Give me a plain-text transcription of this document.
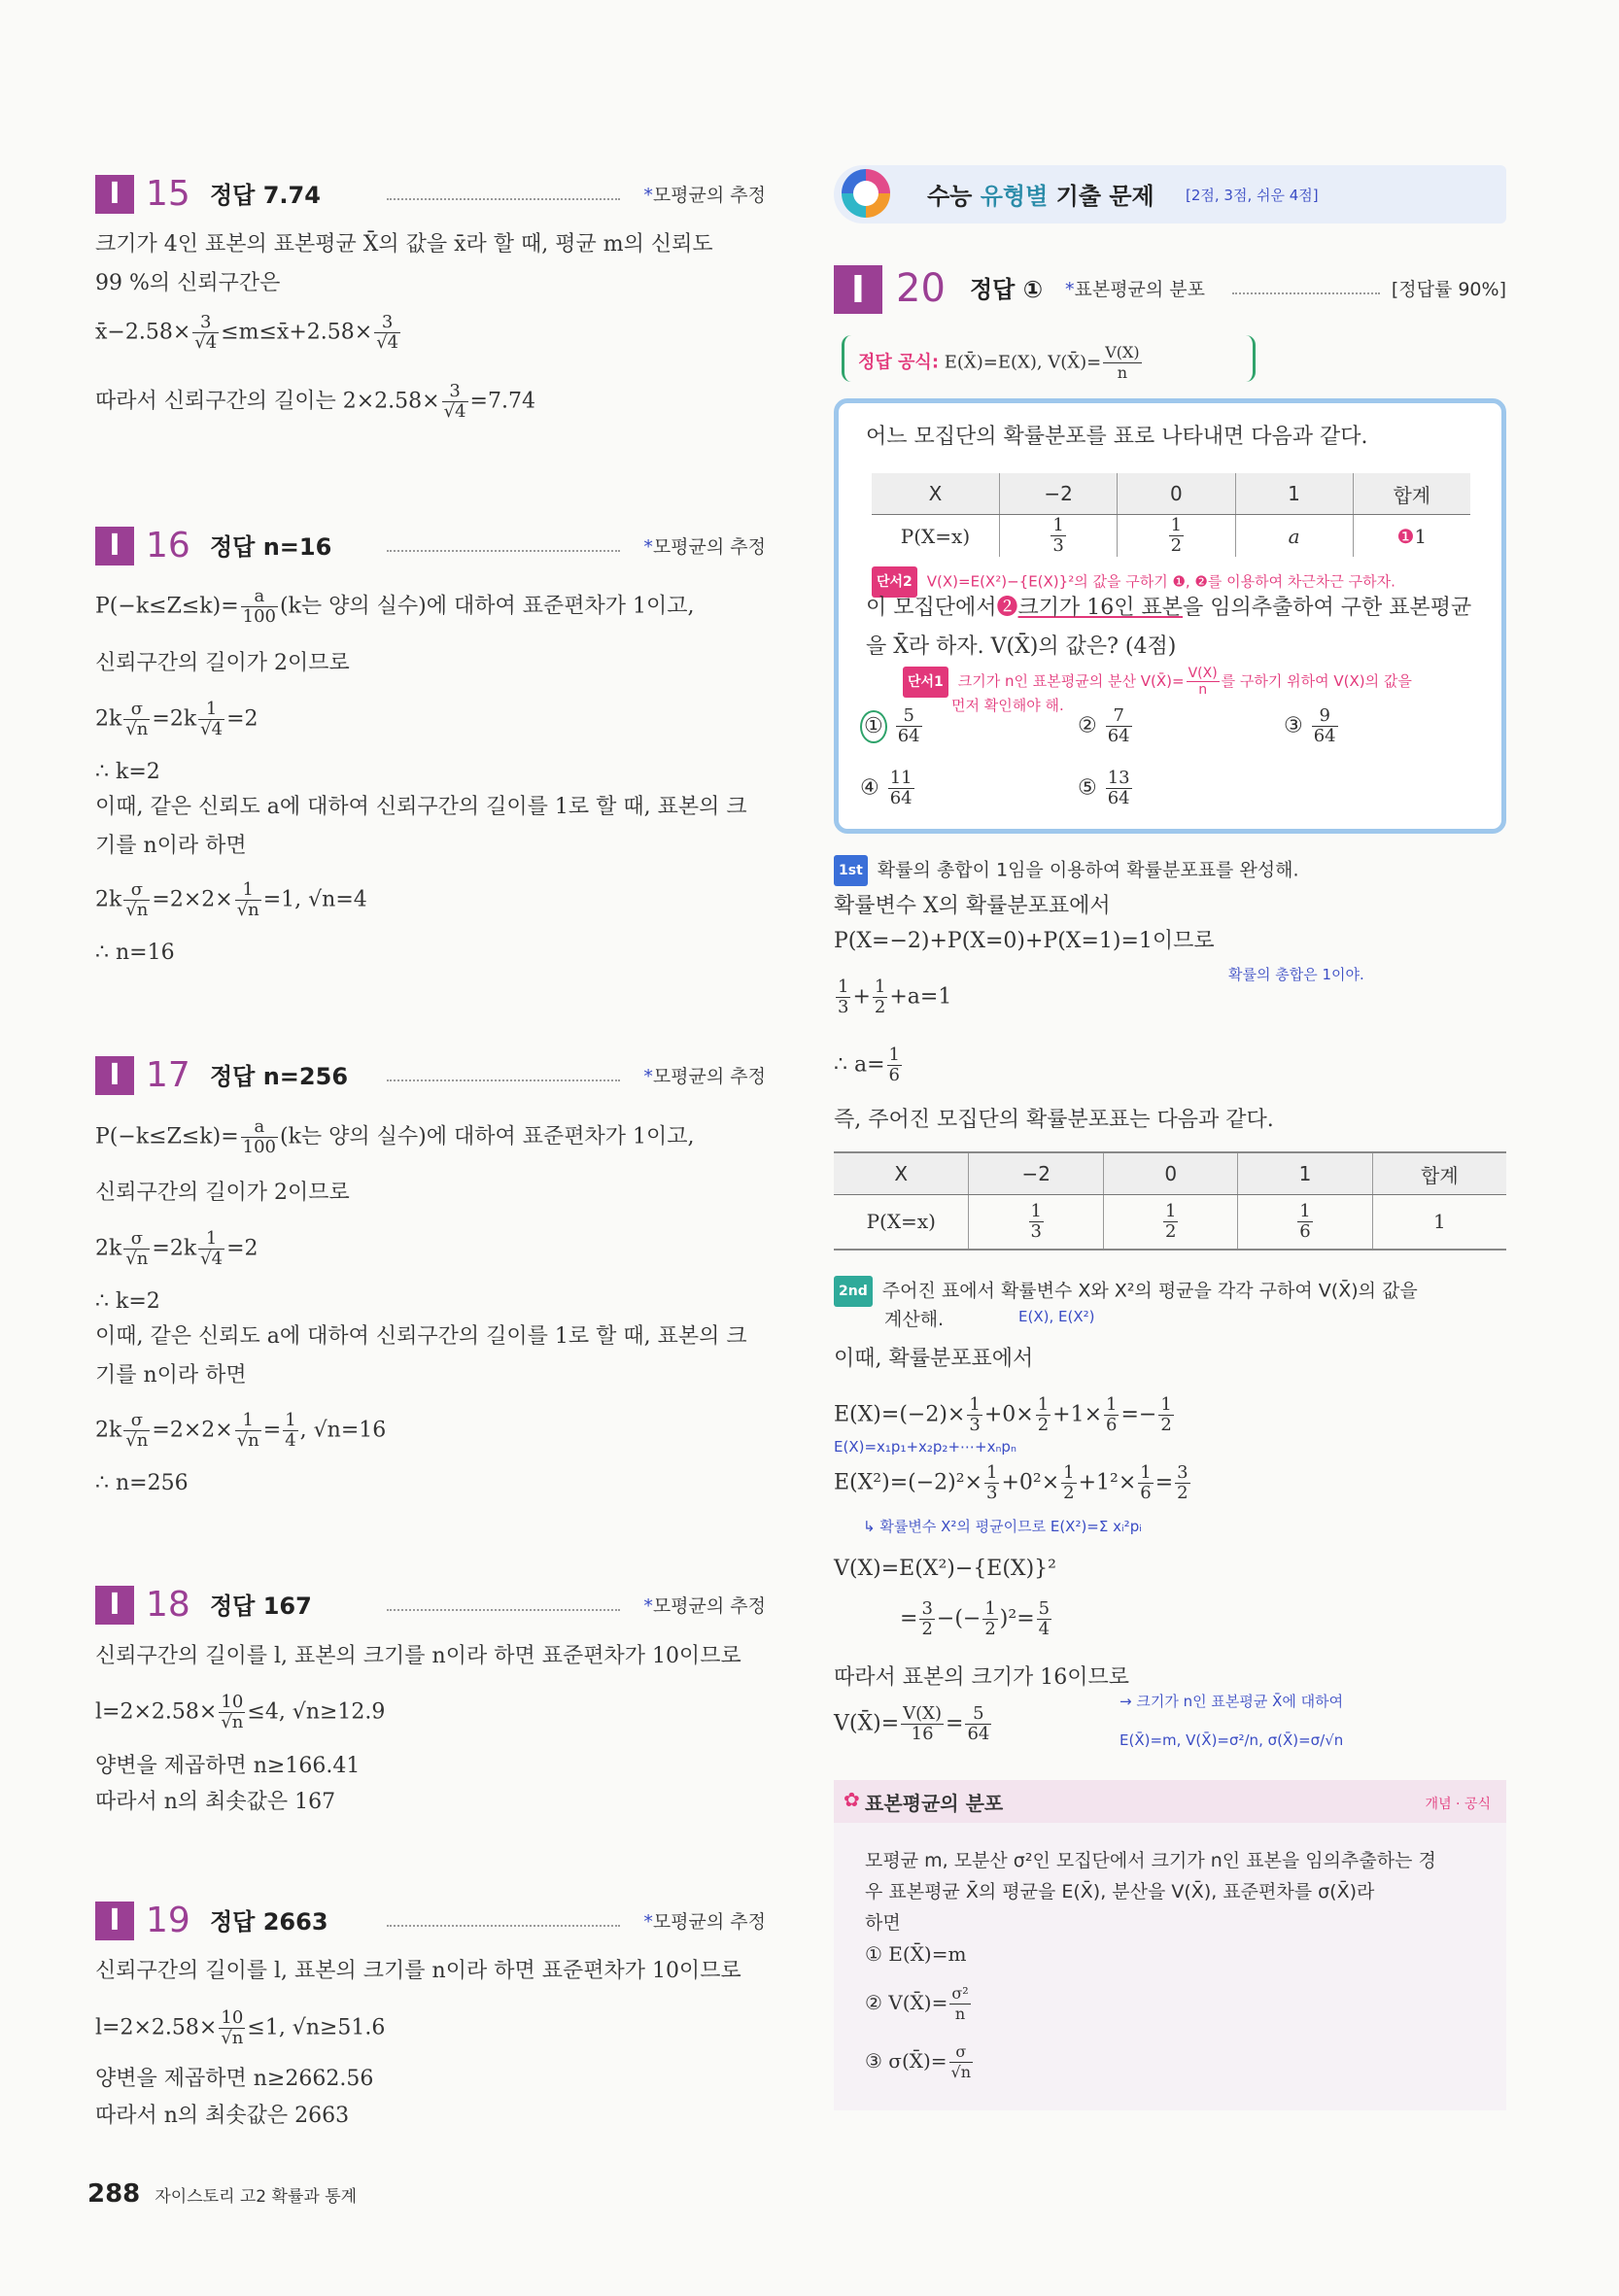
I 15 정답 7.74	*모평균의 추정
크기가 4인 표본의 표본평균 X̄의 값을 x̄라 할 때, 평균 m의 신뢰도
99 %의 신뢰구간은
x̄−2.58× $\frac{3}{√4}$ ≤m≤x̄+2.58× $\frac{3}{√4}$
따라서 신뢰구간의 길이는 $2\times 2.58\times \frac{3}{√4} =7.74$
I 16 정답 n=16	*모평균의 추정
$P(-k\le Z\le k)= \frac{a}{100} (k$는 양의 실수)에 대하여 표준편차가 1이고,
신뢰구간의 길이가 2이므로
$2k \frac{\sigma}{√n} =2k \frac{1}{√4} =2$
∴ k=2
이때, 같은 신뢰도 a에 대하여 신뢰구간의 길이를 1로 할 때, 표본의 크
기를 n이라 하면
$2k \frac{\sigma}{√n} =2\times 2\times \frac{1}{√n} =1$, √n=4
∴ n=16
I 17 정답 n=256	*모평균의 추정
$P(-k\le Z\le k)= \frac{a}{100} (k$는 양의 실수)에 대하여 표준편차가 1이고,
신뢰구간의 길이가 2이므로
$2k \frac{\sigma}{√n} =2k \frac{1}{√4} =2$
∴ k=2
이때, 같은 신뢰도 a에 대하여 신뢰구간의 길이를 1로 할 때, 표본의 크
기를 n이라 하면
$2k \frac{\sigma}{√n} =2\times 2\times \frac{1}{√n} = \frac{1}{4}$ , √n=16
∴ n=256
I 18 정답 167	*모평균의 추정
신뢰구간의 길이를 l, 표본의 크기를 n이라 하면 표준편차가 10이므로
$l=2\times 2.58\times \frac{10}{√n} \le 4$, √n≥12.9
양변을 제곱하면 n≥166.41
따라서 n의 최솟값은 167
I 19 정답 2663	*모평균의 추정
신뢰구간의 길이를 l, 표본의 크기를 n이라 하면 표준편차가 10이므로
$l=2\times 2.58\times \frac{10}{√n} \le 1$, √n≥51.6
양변을 제곱하면 n≥2662.56
따라서 n의 최솟값은 2663
수능 유형별 기출 문제 [2점, 3점, 쉬운 4점]
I 20 정답 ① *표본평균의 분포	[정답률 90%]
정답 공식: E(X̄)=E(X), V(X̄)= $\frac{V(X)}{n}$
어느 모집단의 확률분포를 표로 나타내면 다음과 같다.
X	−2	0	1	합계
P(X=x)	$\frac{1}{3}$	$\frac{1}{2}$	a	❶1
단서2 V(X)=E(X²)−{E(X)}²의 값을 구하기 ❶, ❷를 이용하여 차근차근 구하자.
이 모집단에서❷크기가 16인 표본을 임의추출하여 구한 표본평균
을 X̄라 하자. V(X̄)의 값은? (4점)
단서1 크기가 n인 표본평균의 분산 V(X̄)= $\frac{V(X)}{n}$ 를 구하기 위하여 V(X)의 값을
먼저 확인해야 해.
① $\frac{5}{64}$	② $\frac{7}{64}$	③ $\frac{9}{64}$
④ $\frac{11}{64}$	⑤ $\frac{13}{64}$
1st 확률의 총합이 1임을 이용하여 확률분포표를 완성해.
확률변수 X의 확률분포표에서
P(X=−2)+P(X=0)+P(X=1)=1이므로
확률의 총합은 1이야.
$\frac{1}{3} + \frac{1}{2} +a=1$
∴ $a= \frac{1}{6}$
즉, 주어진 모집단의 확률분포표는 다음과 같다.
X	−2	0	1	합계
P(X=x)	$\frac{1}{3}$	$\frac{1}{2}$	$\frac{1}{6}$	1
2nd 주어진 표에서 확률변수 X와 X²의 평균을 각각 구하여 V(X̄)의 값을
계산해.	E(X), E(X²)
이때, 확률분포표에서
$E(X)=(-2)\times \frac{1}{3} +0\times \frac{1}{2} +1\times \frac{1}{6} =- \frac{1}{2}$
E(X)=x₁p₁+x₂p₂+⋯+xₙpₙ
$E(X^2)=(-2)^2\times \frac{1}{3} +0^2\times \frac{1}{2} +1^2\times \frac{1}{6} = \frac{3}{2}$
↳ 확률변수 X²의 평균이므로 E(X²)=Σ xᵢ²pᵢ
V(X)=E(X²)−{E(X)}²
= $\frac{3}{2}$ −(− $\frac{1}{2} )^2= \frac{5}{4}$
따라서 표본의 크기가 16이므로
→ 크기가 n인 표본평균 X̄에 대하여
V(X̄)= $\frac{V(X)}{16} = \frac{5}{64}$	E(X̄)=m, V(X̄)=σ²/n, σ(X̄)=σ/√n
✿ 표본평균의 분포	개념 · 공식
모평균 m, 모분산 σ²인 모집단에서 크기가 n인 표본을 임의추출하는 경
우 표본평균 X̄의 평균을 E(X̄), 분산을 V(X̄), 표준편차를 σ(X̄)라
하면
① E(X̄)=m
② V(X̄)= $\frac{\text{σ²}}{n}$
③ σ(X̄)= $\frac{\sigma}{√n}$
288 자이스토리 고2 확률과 통계
